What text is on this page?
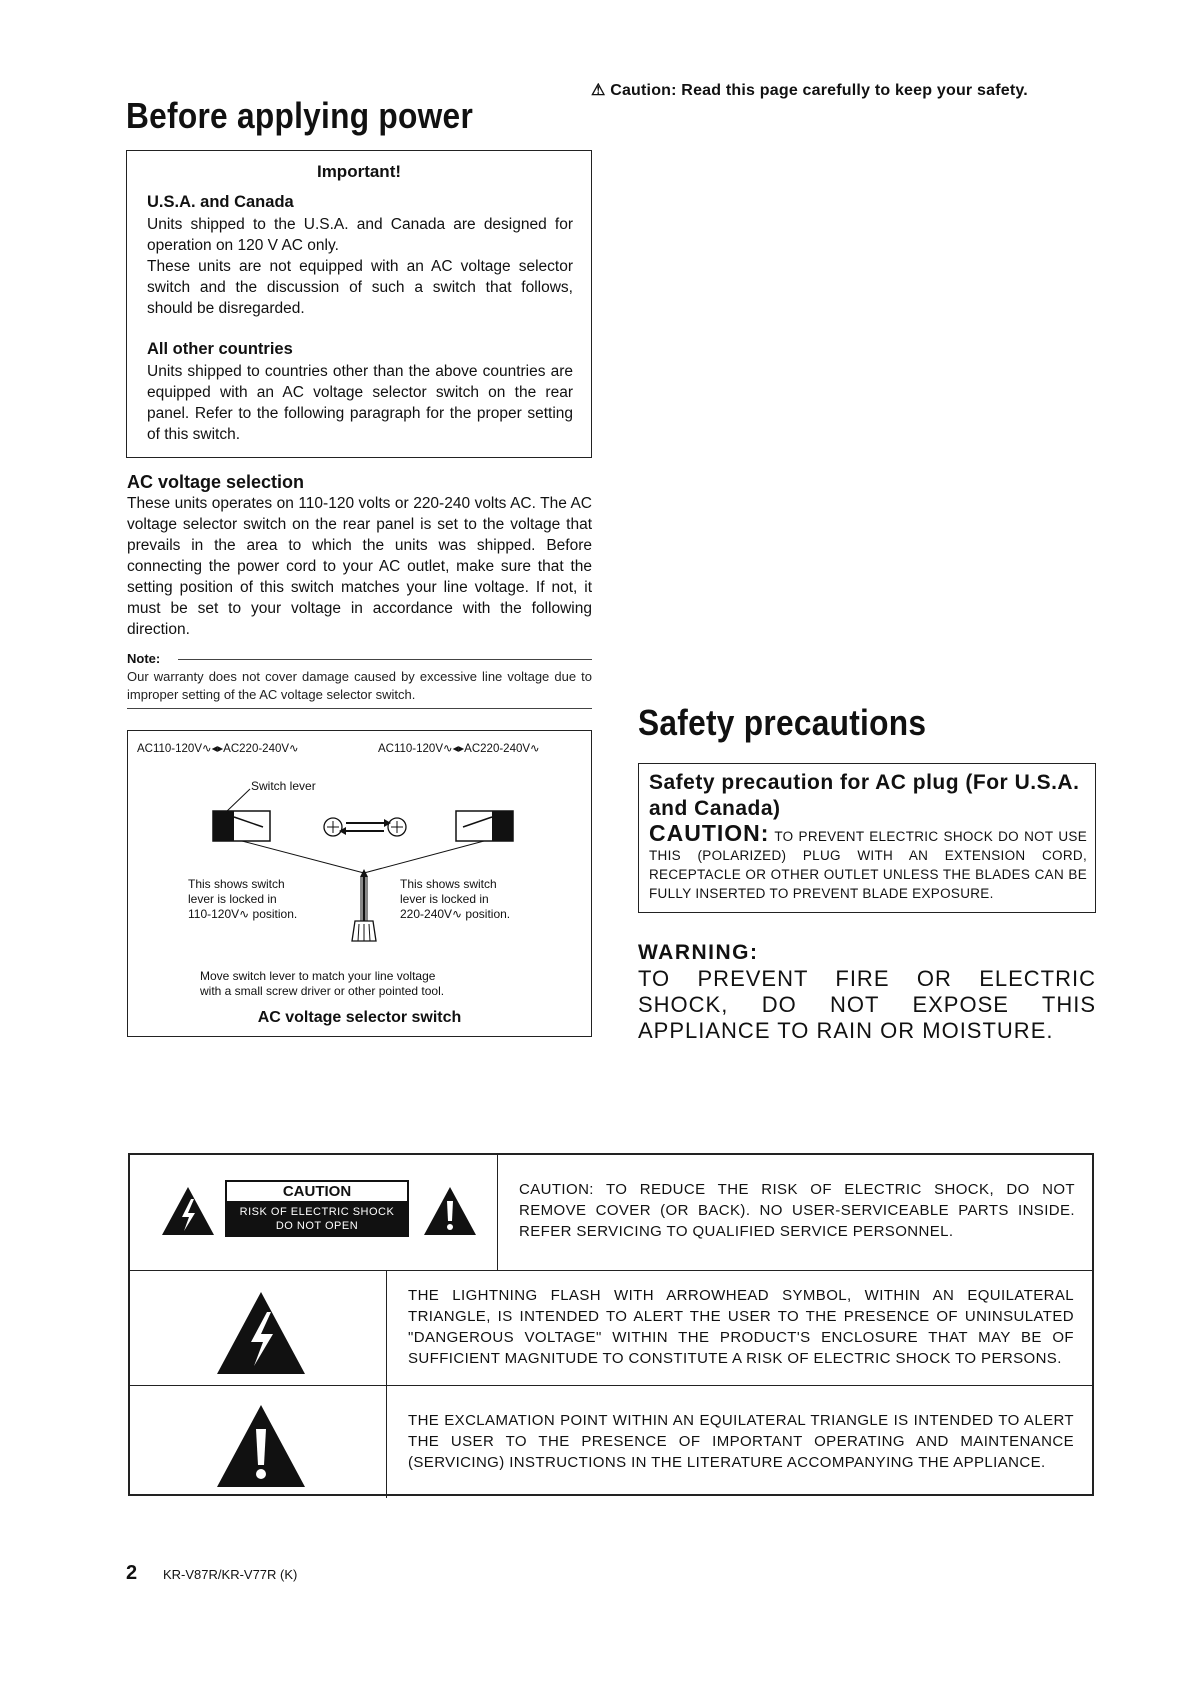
⚠ Caution: Read this page carefully to keep your safety.
Before applying power
Important!
U.S.A. and Canada
Units shipped to the U.S.A. and Canada are designed for operation on 120 V AC only.
These units are not equipped with an AC voltage selector switch and the discussion of such a switch that follows, should be disregarded.
All other countries
Units shipped to countries other than the above countries are equipped with an AC voltage selector switch on the rear panel. Refer to the following paragraph for the proper setting of this switch.
AC voltage selection
These units operates on 110-120 volts or 220-240 volts AC. The AC voltage selector switch on the rear panel is set to the voltage that prevails in the area to which the units was shipped. Before connecting the power cord to your AC outlet, make sure that the setting position of this switch matches your line voltage. If not, it must be set to your voltage in accordance with the following direction.
Note:
Our warranty does not cover damage caused by excessive line voltage due to improper setting of the AC voltage selector switch.
AC110-120V∿◂▸AC220-240V∿	AC110-120V∿◂▸AC220-240V∿
Switch lever
This shows switch
lever is locked in
110-120V∿ position.
This shows switch
lever is locked in
220-240V∿ position.
Move switch lever to match your line voltage
with a small screw driver or other pointed tool.
AC voltage selector switch
Safety precautions
Safety precaution for AC plug (For U.S.A. and Canada)
CAUTION: TO PREVENT ELECTRIC SHOCK DO NOT USE THIS (POLARIZED) PLUG WITH AN EXTENSION CORD, RECEPTACLE OR OTHER OUTLET UNLESS THE BLADES CAN BE FULLY INSERTED TO PREVENT BLADE EXPOSURE.
WARNING:
TO PREVENT FIRE OR ELECTRIC SHOCK, DO NOT EXPOSE THIS APPLIANCE TO RAIN OR MOISTURE.
CAUTION
RISK OF ELECTRIC SHOCK
DO NOT OPEN
CAUTION: TO REDUCE THE RISK OF ELECTRIC SHOCK, DO NOT REMOVE COVER (OR BACK). NO USER-SERVICEABLE PARTS INSIDE. REFER SERVICING TO QUALIFIED SERVICE PERSONNEL.
THE LIGHTNING FLASH WITH ARROWHEAD SYMBOL, WITHIN AN EQUILATERAL TRIANGLE, IS INTENDED TO ALERT THE USER TO THE PRESENCE OF UNINSULATED "DANGEROUS VOLTAGE" WITHIN THE PRODUCT'S ENCLOSURE THAT MAY BE OF SUFFICIENT MAGNITUDE TO CONSTITUTE A RISK OF ELECTRIC SHOCK TO PERSONS.
THE EXCLAMATION POINT WITHIN AN EQUILATERAL TRIANGLE IS INTENDED TO ALERT THE USER TO THE PRESENCE OF IMPORTANT OPERATING AND MAINTENANCE (SERVICING) INSTRUCTIONS IN THE LITERATURE ACCOMPANYING THE APPLIANCE.
2 KR-V87R/KR-V77R (K)
